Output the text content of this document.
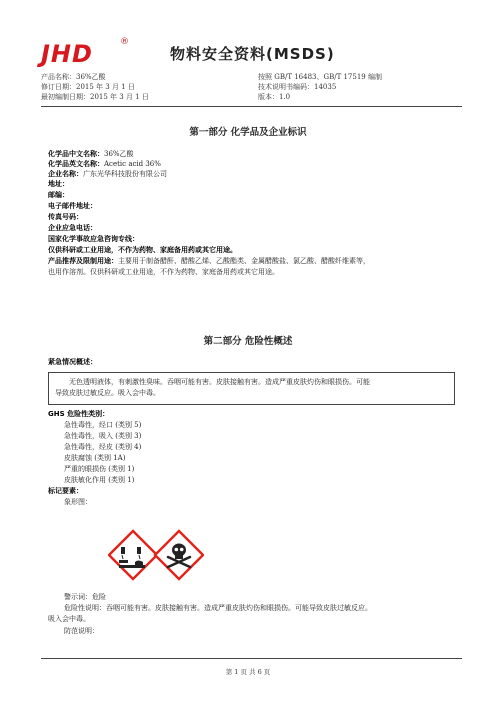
JHD	®
物料安全资料(MSDS)
产品名称：36%乙酸	按照 GB/T 16483、GB/T 17519 编制
修订日期：2015 年 3 月 1 日	技术说明书编码：14035
最初编制日期：2015 年 3 月 1 日	版本：1.0
第一部分 化学品及企业标识
化学品中文名称：36%乙酸
化学品英文名称：Acetic acid 36%
企业名称：广东光华科技股份有限公司
地址：
邮编：
电子邮件地址：
传真号码：
企业应急电话：
国家化学事故应急咨询专线：
仅供科研或工业用途，不作为药物、家庭备用药或其它用途。
产品推荐及限制用途：主要用于制备醋酐、醋酸乙烯、乙酸酯类、金属醋酸盐、氯乙酸、醋酸纤维素等，
也用作溶剂。仅供科研或工业用途，不作为药物、家庭备用药或其它用途。
第二部分 危险性概述
紧急情况概述：
无色透明液体，有刺激性臭味。吞咽可能有害。皮肤接触有害。造成严重皮肤灼伤和眼损伤。可能
导致皮肤过敏反应。吸入会中毒。
GHS 危险性类别：
急性毒性，经口 (类别 5)
急性毒性，吸入 (类别 3)
急性毒性，经皮 (类别 4)
皮肤腐蚀 (类别 1A)
严重的眼损伤 (类别 1)
皮肤敏化作用 (类别 1)
标记要素：
象形图：
警示词：危险
危险性说明：吞咽可能有害。皮肤接触有害。造成严重皮肤灼伤和眼损伤。可能导致皮肤过敏反应。
吸入会中毒。
防范说明：
第 1 页 共 6 页
